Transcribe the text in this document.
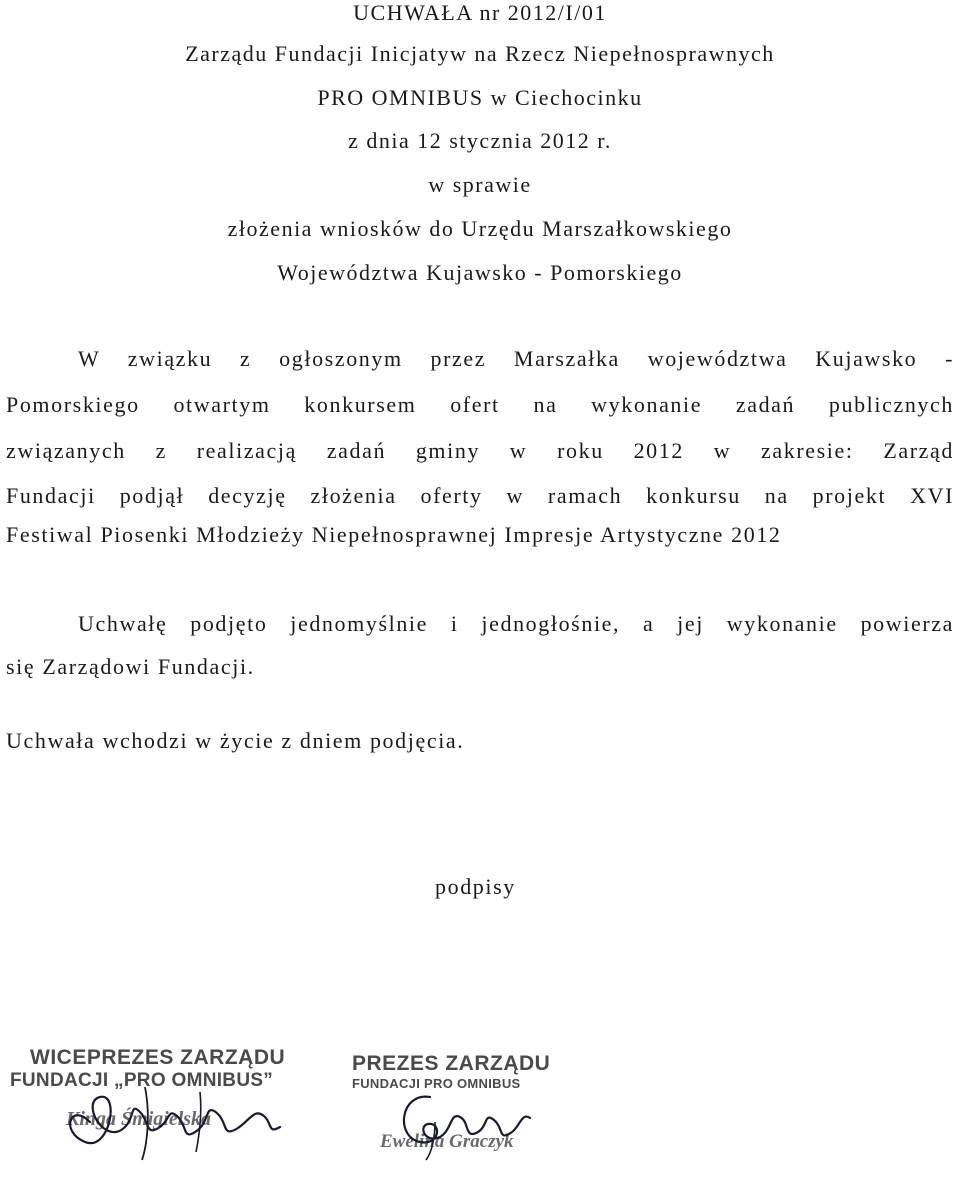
UCHWAŁA nr 2012/I/01
Zarządu Fundacji Inicjatyw na Rzecz Niepełnosprawnych
PRO OMNIBUS w Ciechocinku
z dnia 12 stycznia 2012 r.
w sprawie
złożenia wniosków do Urzędu Marszałkowskiego
Województwa Kujawsko - Pomorskiego
W związku z ogłoszonym przez Marszałka województwa Kujawsko -
Pomorskiego otwartym konkursem ofert na wykonanie zadań publicznych
związanych z realizacją zadań gminy w roku 2012 w zakresie: Zarząd
Fundacji podjął decyzję złożenia oferty w ramach konkursu na projekt XVI
Festiwal Piosenki Młodzieży Niepełnosprawnej Impresje Artystyczne 2012
Uchwałę podjęto jednomyślnie i jednogłośnie, a jej wykonanie powierza
się Zarządowi Fundacji.
Uchwała wchodzi w życie z dniem podjęcia.
podpisy
WICEPREZES ZARZĄDU
FUNDACJI „PRO OMNIBUS”
Kinga Śmigielska
PREZES ZARZĄDU
FUNDACJI PRO OMNIBUS
Ewelina Graczyk
